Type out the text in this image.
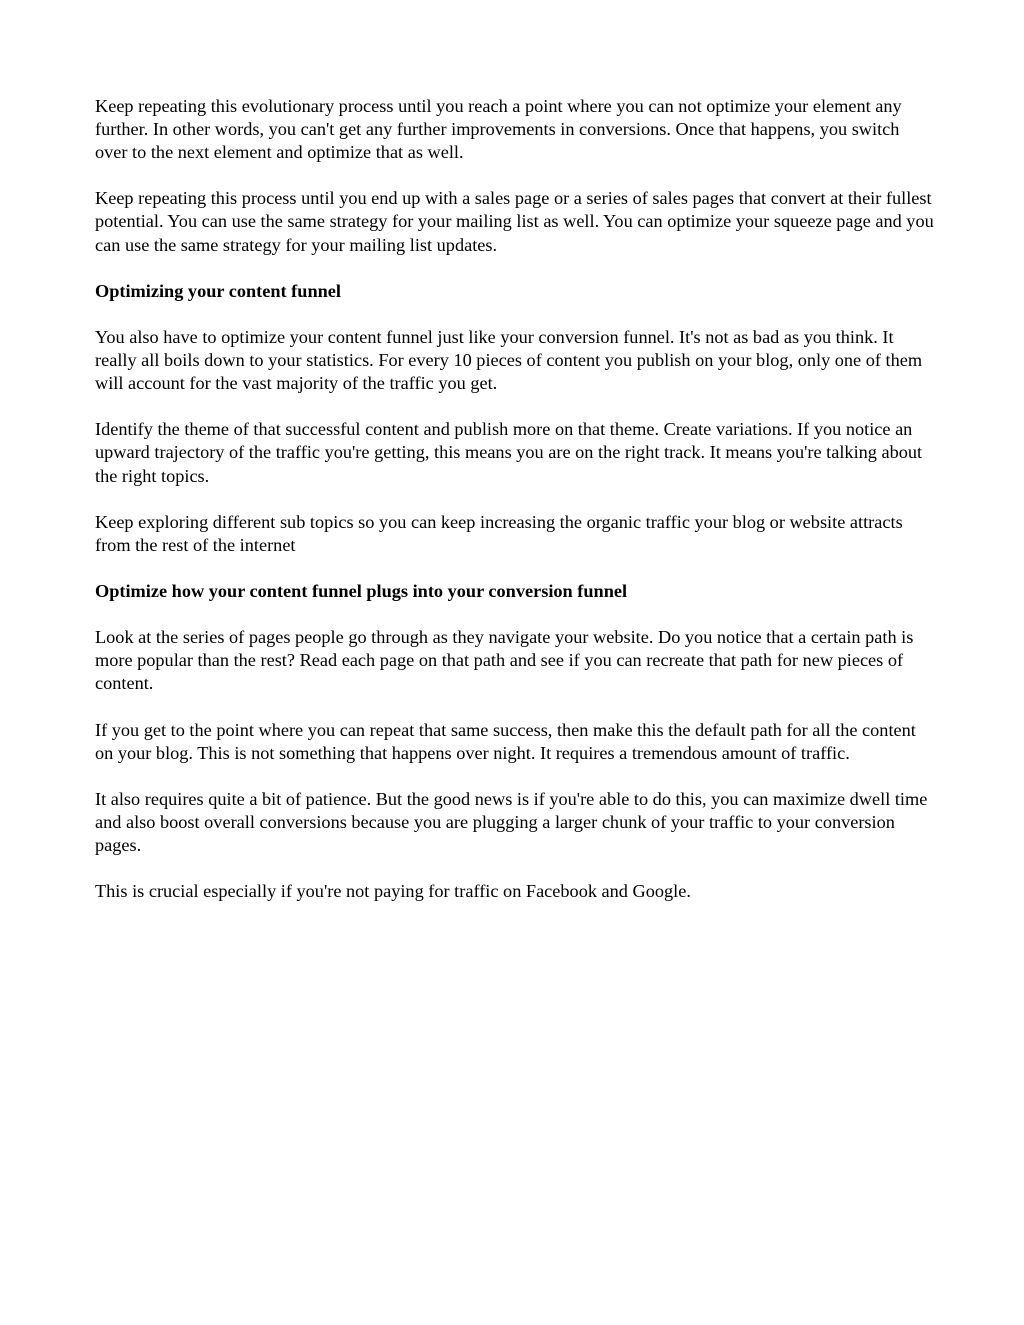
Keep repeating this evolutionary process until you reach a point where you can not optimize your element any further. In other words, you can't get any further improvements in conversions. Once that happens, you switch over to the next element and optimize that as well.

Keep repeating this process until you end up with a sales page or a series of sales pages that convert at their fullest potential. You can use the same strategy for your mailing list as well. You can optimize your squeeze page and you can use the same strategy for your mailing list updates.

Optimizing your content funnel

You also have to optimize your content funnel just like your conversion funnel. It's not as bad as you think. It really all boils down to your statistics. For every 10 pieces of content you publish on your blog, only one of them will account for the vast majority of the traffic you get.

Identify the theme of that successful content and publish more on that theme. Create variations. If you notice an upward trajectory of the traffic you're getting, this means you are on the right track. It means you're talking about the right topics.

Keep exploring different sub topics so you can keep increasing the organic traffic your blog or website attracts from the rest of the internet

Optimize how your content funnel plugs into your conversion funnel

Look at the series of pages people go through as they navigate your website. Do you notice that a certain path is more popular than the rest? Read each page on that path and see if you can recreate that path for new pieces of content.

If you get to the point where you can repeat that same success, then make this the default path for all the content on your blog. This is not something that happens over night. It requires a tremendous amount of traffic.

It also requires quite a bit of patience. But the good news is if you're able to do this, you can maximize dwell time and also boost overall conversions because you are plugging a larger chunk of your traffic to your conversion pages.

This is crucial especially if you're not paying for traffic on Facebook and Google.
